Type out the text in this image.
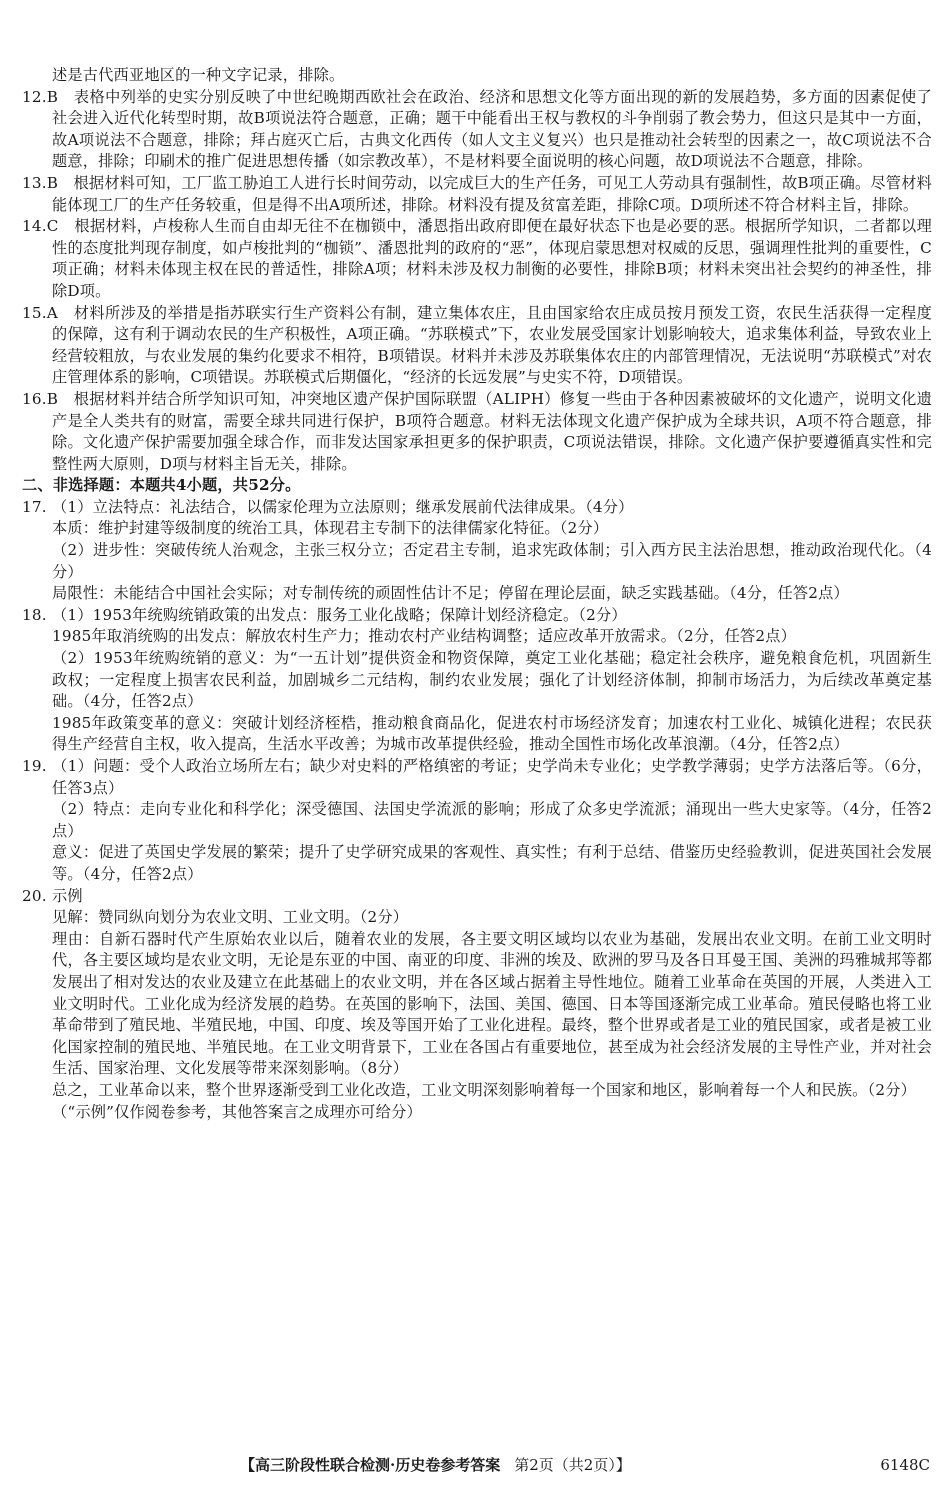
述是古代西亚地区的一种文字记录，排除。

12.B　表格中列举的史实分别反映了中世纪晚期西欧社会在政治、经济和思想文化等方面出现的新的发展趋势，多方面的因素促使了社会进入近代化转型时期，故B项说法符合题意，正确；题干中能看出王权与教权的斗争削弱了教会势力，但这只是其中一方面，故A项说法不合题意，排除；拜占庭灭亡后，古典文化西传（如人文主义复兴）也只是推动社会转型的因素之一，故C项说法不合题意，排除；印刷术的推广促进思想传播（如宗教改革），不是材料要全面说明的核心问题，故D项说法不合题意，排除。

13.B　根据材料可知，工厂监工胁迫工人进行长时间劳动，以完成巨大的生产任务，可见工人劳动具有强制性，故B项正确。尽管材料能体现工厂的生产任务较重，但是得不出A项所述，排除。材料没有提及贫富差距，排除C项。D项所述不符合材料主旨，排除。

14.C　根据材料，卢梭称人生而自由却无往不在枷锁中，潘恩指出政府即便在最好状态下也是必要的恶。根据所学知识，二者都以理性的态度批判现存制度，如卢梭批判的“枷锁”、潘恩批判的政府的“恶”，体现启蒙思想对权威的反思，强调理性批判的重要性，C项正确；材料未体现主权在民的普适性，排除A项；材料未涉及权力制衡的必要性，排除B项；材料未突出社会契约的神圣性，排除D项。

15.A　材料所涉及的举措是指苏联实行生产资料公有制，建立集体农庄，且由国家给农庄成员按月预发工资，农民生活获得一定程度的保障，这有利于调动农民的生产积极性，A项正确。“苏联模式”下，农业发展受国家计划影响较大，追求集体利益，导致农业上经营较粗放，与农业发展的集约化要求不相符，B项错误。材料并未涉及苏联集体农庄的内部管理情况，无法说明“苏联模式”对农庄管理体系的影响，C项错误。苏联模式后期僵化，“经济的长远发展”与史实不符，D项错误。

16.B　根据材料并结合所学知识可知，冲突地区遗产保护国际联盟（ALIPH）修复一些由于各种因素被破坏的文化遗产，说明文化遗产是全人类共有的财富，需要全球共同进行保护，B项符合题意。材料无法体现文化遗产保护成为全球共识，A项不符合题意，排除。文化遗产保护需要加强全球合作，而非发达国家承担更多的保护职责，C项说法错误，排除。文化遗产保护要遵循真实性和完整性两大原则，D项与材料主旨无关，排除。

二、非选择题：本题共4小题，共52分。

17. （1）立法特点：礼法结合，以儒家伦理为立法原则；继承发展前代法律成果。（4分）

本质：维护封建等级制度的统治工具，体现君主专制下的法律儒家化特征。（2分）

（2）进步性：突破传统人治观念，主张三权分立；否定君主专制，追求宪政体制；引入西方民主法治思想，推动政治现代化。（4分）

局限性：未能结合中国社会实际；对专制传统的顽固性估计不足；停留在理论层面，缺乏实践基础。（4分，任答2点）

18. （1）1953年统购统销政策的出发点：服务工业化战略；保障计划经济稳定。（2分）

1985年取消统购的出发点：解放农村生产力；推动农村产业结构调整；适应改革开放需求。（2分，任答2点）

（2）1953年统购统销的意义：为“一五计划”提供资金和物资保障，奠定工业化基础；稳定社会秩序，避免粮食危机，巩固新生政权；一定程度上损害农民利益，加剧城乡二元结构，制约农业发展；强化了计划经济体制，抑制市场活力，为后续改革奠定基础。（4分，任答2点）

1985年政策变革的意义：突破计划经济桎梏，推动粮食商品化，促进农村市场经济发育；加速农村工业化、城镇化进程；农民获得生产经营自主权，收入提高，生活水平改善；为城市改革提供经验，推动全国性市场化改革浪潮。（4分，任答2点）

19. （1）问题：受个人政治立场所左右；缺少对史料的严格缜密的考证；史学尚未专业化；史学教学薄弱；史学方法落后等。（6分，任答3点）

（2）特点：走向专业化和科学化；深受德国、法国史学流派的影响；形成了众多史学流派；涌现出一些大史家等。（4分，任答2点）

意义：促进了英国史学发展的繁荣；提升了史学研究成果的客观性、真实性；有利于总结、借鉴历史经验教训，促进英国社会发展等。（4分，任答2点）

20. 示例

见解：赞同纵向划分为农业文明、工业文明。（2分）

理由：自新石器时代产生原始农业以后，随着农业的发展，各主要文明区域均以农业为基础，发展出农业文明。在前工业文明时代，各主要区域均是农业文明，无论是东亚的中国、南亚的印度、非洲的埃及、欧洲的罗马及各日耳曼王国、美洲的玛雅城邦等都发展出了相对发达的农业及建立在此基础上的农业文明，并在各区域占据着主导性地位。随着工业革命在英国的开展，人类进入工业文明时代。工业化成为经济发展的趋势。在英国的影响下，法国、美国、德国、日本等国逐渐完成工业革命。殖民侵略也将工业革命带到了殖民地、半殖民地，中国、印度、埃及等国开始了工业化进程。最终，整个世界或者是工业的殖民国家，或者是被工业化国家控制的殖民地、半殖民地。在工业文明背景下，工业在各国占有重要地位，甚至成为社会经济发展的主导性产业，并对社会生活、国家治理、文化发展等带来深刻影响。（8分）

总之，工业革命以来，整个世界逐渐受到工业化改造，工业文明深刻影响着每一个国家和地区，影响着每一个人和民族。（2分）

（“示例”仅作阅卷参考，其他答案言之成理亦可给分）

【高三阶段性联合检测·历史卷参考答案 第2页（共2页）】	6148C
